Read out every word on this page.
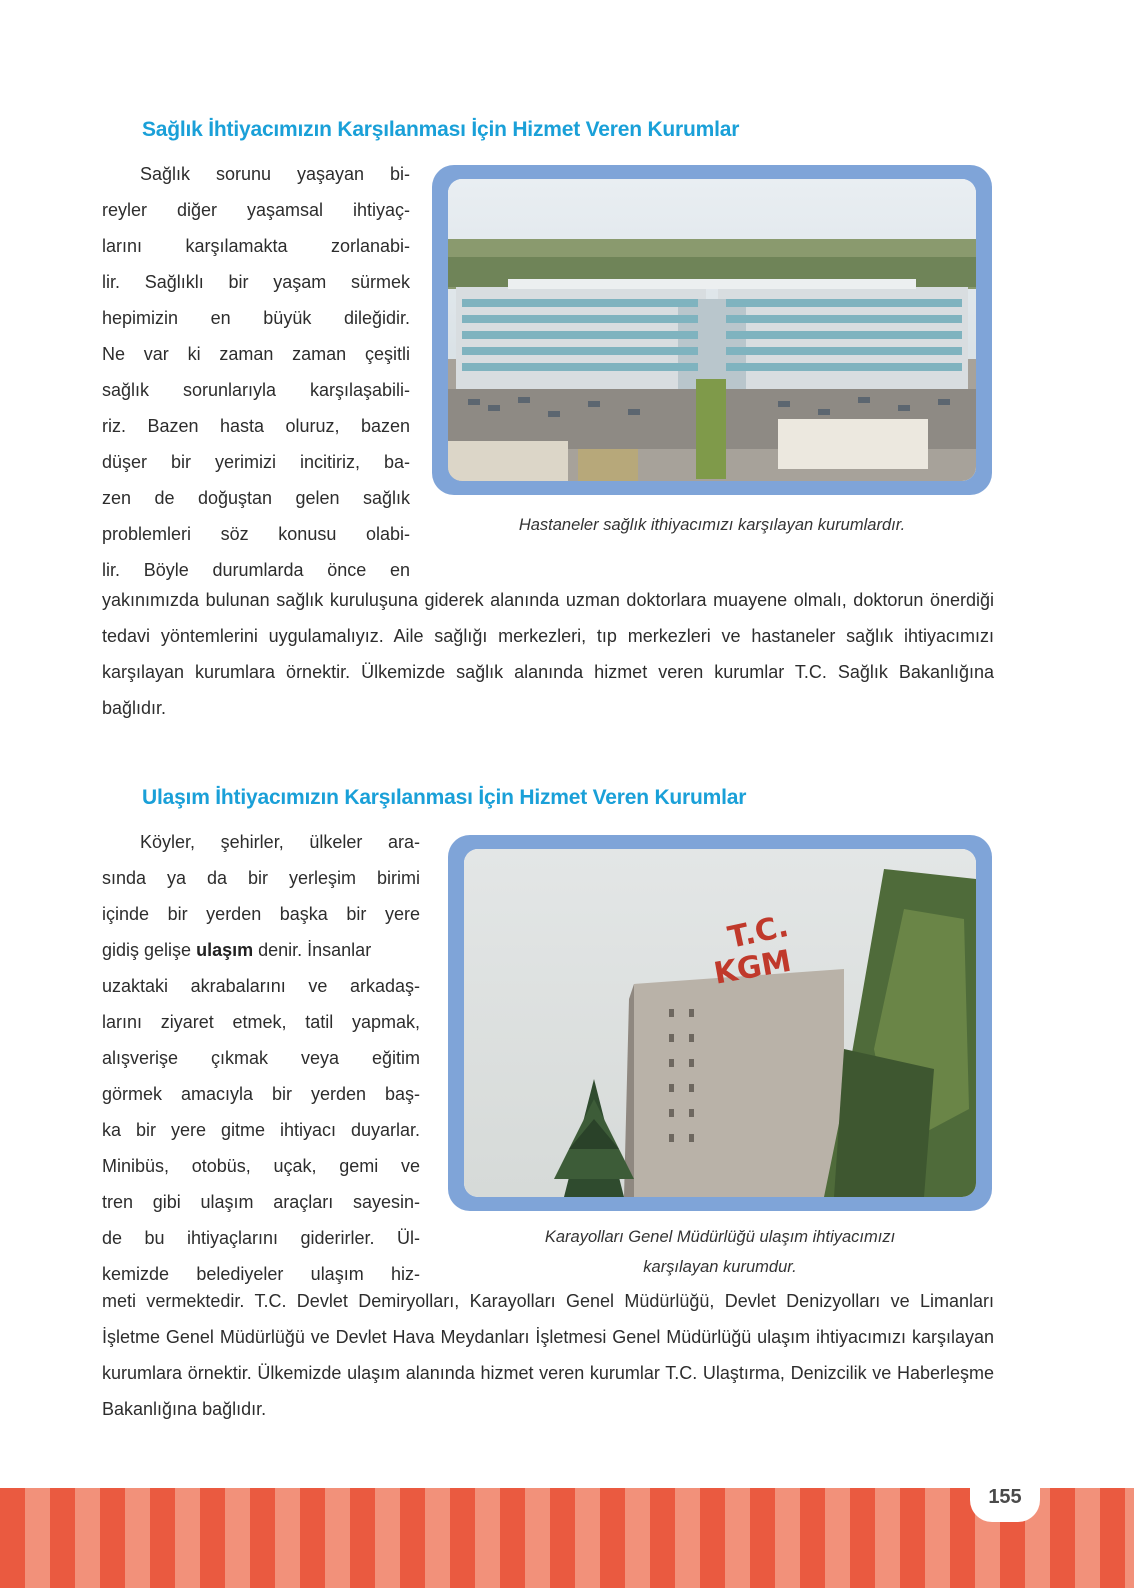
Sağlık İhtiyacımızın Karşılanması İçin Hizmet Veren Kurumlar
Sağlık sorunu yaşayan bi-
reyler diğer yaşamsal ihtiyaç-
larını karşılamakta zorlanabi-
lir. Sağlıklı bir yaşam sürmek
hepimizin en büyük dileğidir.
Ne var ki zaman zaman çeşitli
sağlık sorunlarıyla karşılaşabili-
riz. Bazen hasta oluruz, bazen
düşer bir yerimizi incitiriz, ba-
zen de doğuştan gelen sağlık
problemleri söz konusu olabi-
lir. Böyle durumlarda önce en
Hastaneler sağlık ithiyacımızı karşılayan kurumlardır.

yakınımızda bulunan sağlık kuruluşuna giderek alanında uzman doktorlara muayene olmalı, doktorun önerdiği tedavi yöntemlerini uygulamalıyız. Aile sağlığı merkezleri, tıp merkezleri ve hastaneler sağlık ihtiyacımızı karşılayan kurumlara örnektir. Ülkemizde sağlık alanında hizmet veren kurumlar T.C. Sağlık Bakanlığına bağlıdır.

Ulaşım İhtiyacımızın Karşılanması İçin Hizmet Veren Kurumlar
Köyler, şehirler, ülkeler ara-
sında ya da bir yerleşim birimi
içinde bir yerden başka bir yere
gidiş gelişe ulaşım denir. İnsanlar
uzaktaki akrabalarını ve arkadaş-
larını ziyaret etmek, tatil yapmak,
alışverişe çıkmak veya eğitim
görmek amacıyla bir yerden baş-
ka bir yere gitme ihtiyacı duyarlar.
Minibüs, otobüs, uçak, gemi ve
tren gibi ulaşım araçları sayesin-
de bu ihtiyaçlarını giderirler. Ül-
kemizde belediyeler ulaşım hiz-
T.C.
KGM
Karayolları Genel Müdürlüğü ulaşım ihtiyacımızı
karşılayan kurumdur.

meti vermektedir. T.C. Devlet Demiryolları, Karayolları Genel Müdürlüğü, Devlet Denizyolları ve Limanları İşletme Genel Müdürlüğü ve Devlet Hava Meydanları İşletmesi Genel Müdürlüğü ulaşım ihtiyacımızı karşılayan kurumlara örnektir. Ülkemizde ulaşım alanında hizmet veren kurumlar T.C. Ulaştırma, Denizcilik ve Haberleşme Bakanlığına bağlıdır.

155
